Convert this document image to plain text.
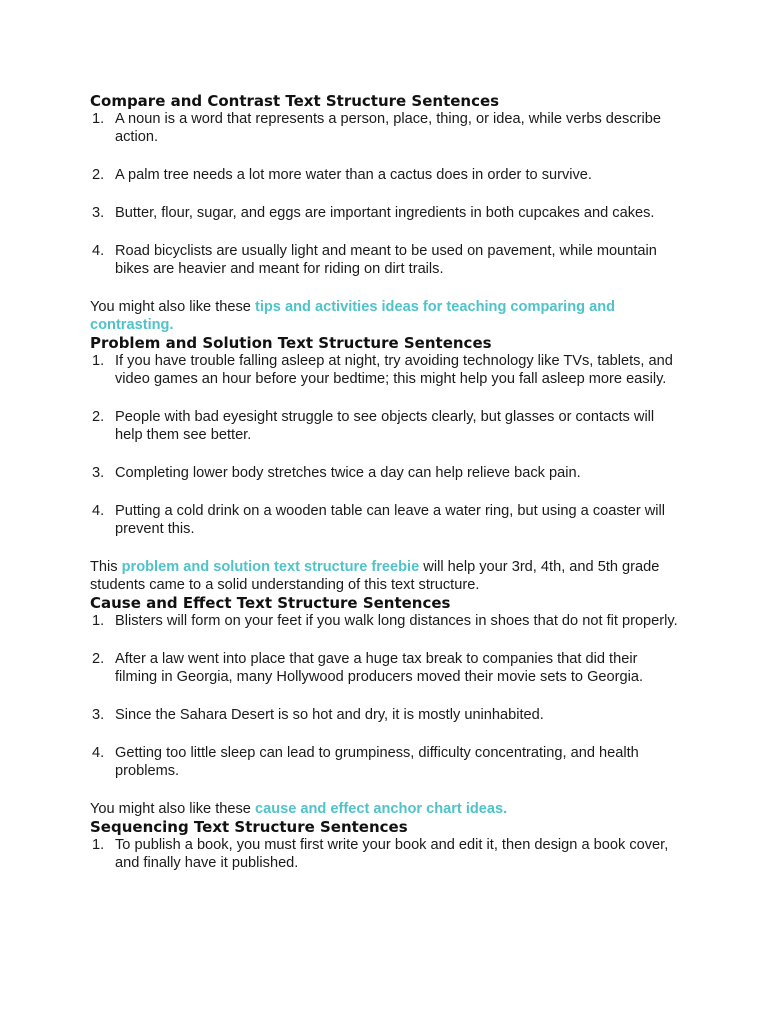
Compare and Contrast Text Structure Sentences
1. A noun is a word that represents a person, place, thing, or idea, while verbs describe action.
2. A palm tree needs a lot more water than a cactus does in order to survive.
3. Butter, flour, sugar, and eggs are important ingredients in both cupcakes and cakes.
4. Road bicyclists are usually light and meant to be used on pavement, while mountain bikes are heavier and meant for riding on dirt trails.

You might also like these tips and activities ideas for teaching comparing and contrasting.

Problem and Solution Text Structure Sentences
1. If you have trouble falling asleep at night, try avoiding technology like TVs, tablets, and video games an hour before your bedtime; this might help you fall asleep more easily.
2. People with bad eyesight struggle to see objects clearly, but glasses or contacts will help them see better.
3. Completing lower body stretches twice a day can help relieve back pain.
4. Putting a cold drink on a wooden table can leave a water ring, but using a coaster will prevent this.

This problem and solution text structure freebie will help your 3rd, 4th, and 5th grade students came to a solid understanding of this text structure.

Cause and Effect Text Structure Sentences
1. Blisters will form on your feet if you walk long distances in shoes that do not fit properly.
2. After a law went into place that gave a huge tax break to companies that did their filming in Georgia, many Hollywood producers moved their movie sets to Georgia.
3. Since the Sahara Desert is so hot and dry, it is mostly uninhabited.
4. Getting too little sleep can lead to grumpiness, difficulty concentrating, and health problems.

You might also like these cause and effect anchor chart ideas.

Sequencing Text Structure Sentences
1. To publish a book, you must first write your book and edit it, then design a book cover, and finally have it published.
